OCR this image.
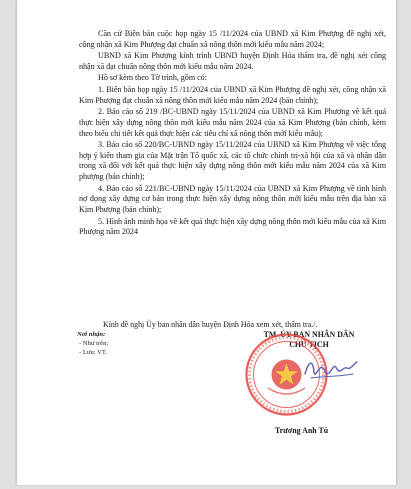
Căn cứ Biên bản cuộc họp ngày 15 /11/2024 của UBND xã Kim Phượng đề nghị xét, công nhận xã Kim Phượng đạt chuẩn xã nông thôn mới kiểu mẫu năm 2024;

UBND xã Kim Phượng kính trình UBND huyện Định Hóa thẩm tra, đề nghị xét công nhận xã đạt chuẩn nông thôn mới kiểu mẫu năm 2024.

Hồ sơ kèm theo Tờ trình, gồm có:

1. Biên bản họp ngày 15 /11/2024 của UBND xã Kim Phượng đề nghị xét, công nhận xã Kim Phượng đạt chuẩn xã nông thôn mới kiểu mẫu năm 2024 (bản chính);

2. Báo cáo số 219 /BC-UBND ngày 15/11/2024 của UBND xã Kim Phượng về kết quả thực hiện xây dựng nông thôn mới kiểu mẫu năm 2024 của xã Kim Phượng (bản chính, kèm theo biểu chi tiết kết quả thực hiện các tiêu chí xã nông thôn mới kiểu mẫu);

3. Báo cáo số 220/BC-UBND ngày 15/11/2024 của UBND xã Kim Phượng về việc tổng hợp ý kiến tham gia của Mặt trận Tổ quốc xã, các tổ chức chính trị-xã hội của xã và nhân dân trong xã đối với kết quả thực hiện xây dựng nông thôn mới kiểu mẫu năm 2024 của xã Kim phượng (bản chính);

4. Báo cáo số 221/BC-UBND ngày 15/11/2024 của UBND xã Kim Phượng về tình hình nợ đọng xây dựng cơ bản trong thực hiện xây dựng nông thôn mới kiểu mẫu trên địa bàn xã Kim Phượng (bản chính);

5. Hình ảnh minh họa về kết quả thực hiện xây dựng nông thôn mới kiểu mẫu của xã Kim Phượng năm 2024

Kính đề nghị Ủy ban nhân dân huyện Định Hóa xem xét, thẩm tra./.
Nơi nhận:
- Như trên;
- Lưu: VT.
TM. ỦY BAN NHÂN DÂN
CHỦ TỊCH
Trương Anh Tú
